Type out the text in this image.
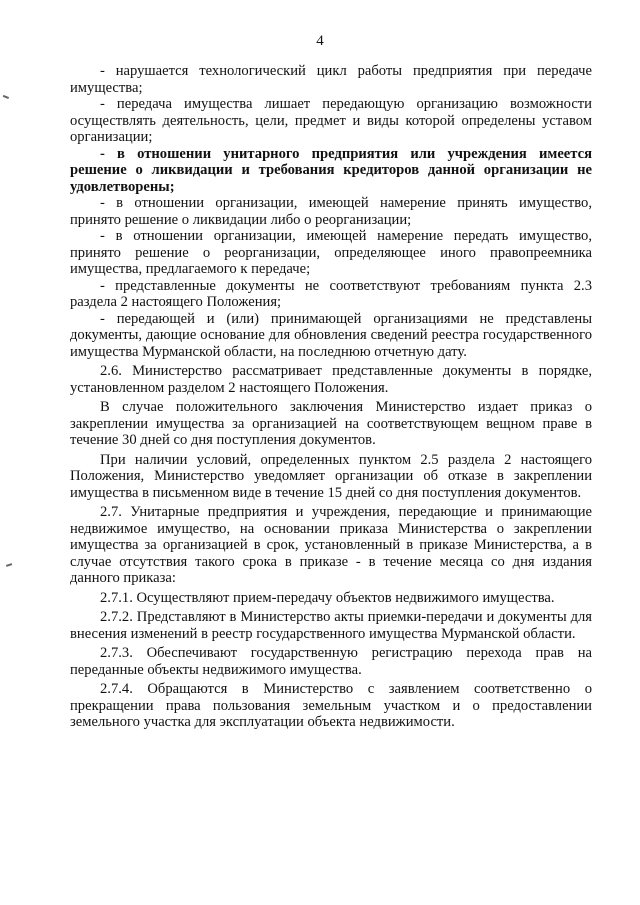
4

- нарушается технологический цикл работы предприятия при передаче имущества;

- передача имущества лишает передающую организацию возможности осуществлять деятельность, цели, предмет и виды которой определены уставом организации;

- в отношении унитарного предприятия или учреждения имеется решение о ликвидации и требования кредиторов данной организации не удовлетворены;

- в отношении организации, имеющей намерение принять имущество, принято решение о ликвидации либо о реорганизации;

- в отношении организации, имеющей намерение передать имущество, принято решение о реорганизации, определяющее иного правопреемника имущества, предлагаемого к передаче;

- представленные документы не соответствуют требованиям пункта 2.3 раздела 2 настоящего Положения;

- передающей и (или) принимающей организациями не представлены документы, дающие основание для обновления сведений реестра государственного имущества Мурманской области, на последнюю отчетную дату.

2.6. Министерство рассматривает представленные документы в порядке, установленном разделом 2 настоящего Положения.

В случае положительного заключения Министерство издает приказ о закреплении имущества за организацией на соответствующем вещном праве в течение 30 дней со дня поступления документов.

При наличии условий, определенных пунктом 2.5 раздела 2 настоящего Положения, Министерство уведомляет организации об отказе в закреплении имущества в письменном виде в течение 15 дней со дня поступления документов.

2.7. Унитарные предприятия и учреждения, передающие и принимающие недвижимое имущество, на основании приказа Министерства о закреплении имущества за организацией в срок, установленный в приказе Министерства, а в случае отсутствия такого срока в приказе - в течение месяца со дня издания данного приказа:

2.7.1. Осуществляют прием-передачу объектов недвижимого имущества.

2.7.2. Представляют в Министерство акты приемки-передачи и документы для внесения изменений в реестр государственного имущества Мурманской области.

2.7.3. Обеспечивают государственную регистрацию перехода прав на переданные объекты недвижимого имущества.

2.7.4. Обращаются в Министерство с заявлением соответственно о прекращении права пользования земельным участком и о предоставлении земельного участка для эксплуатации объекта недвижимости.
